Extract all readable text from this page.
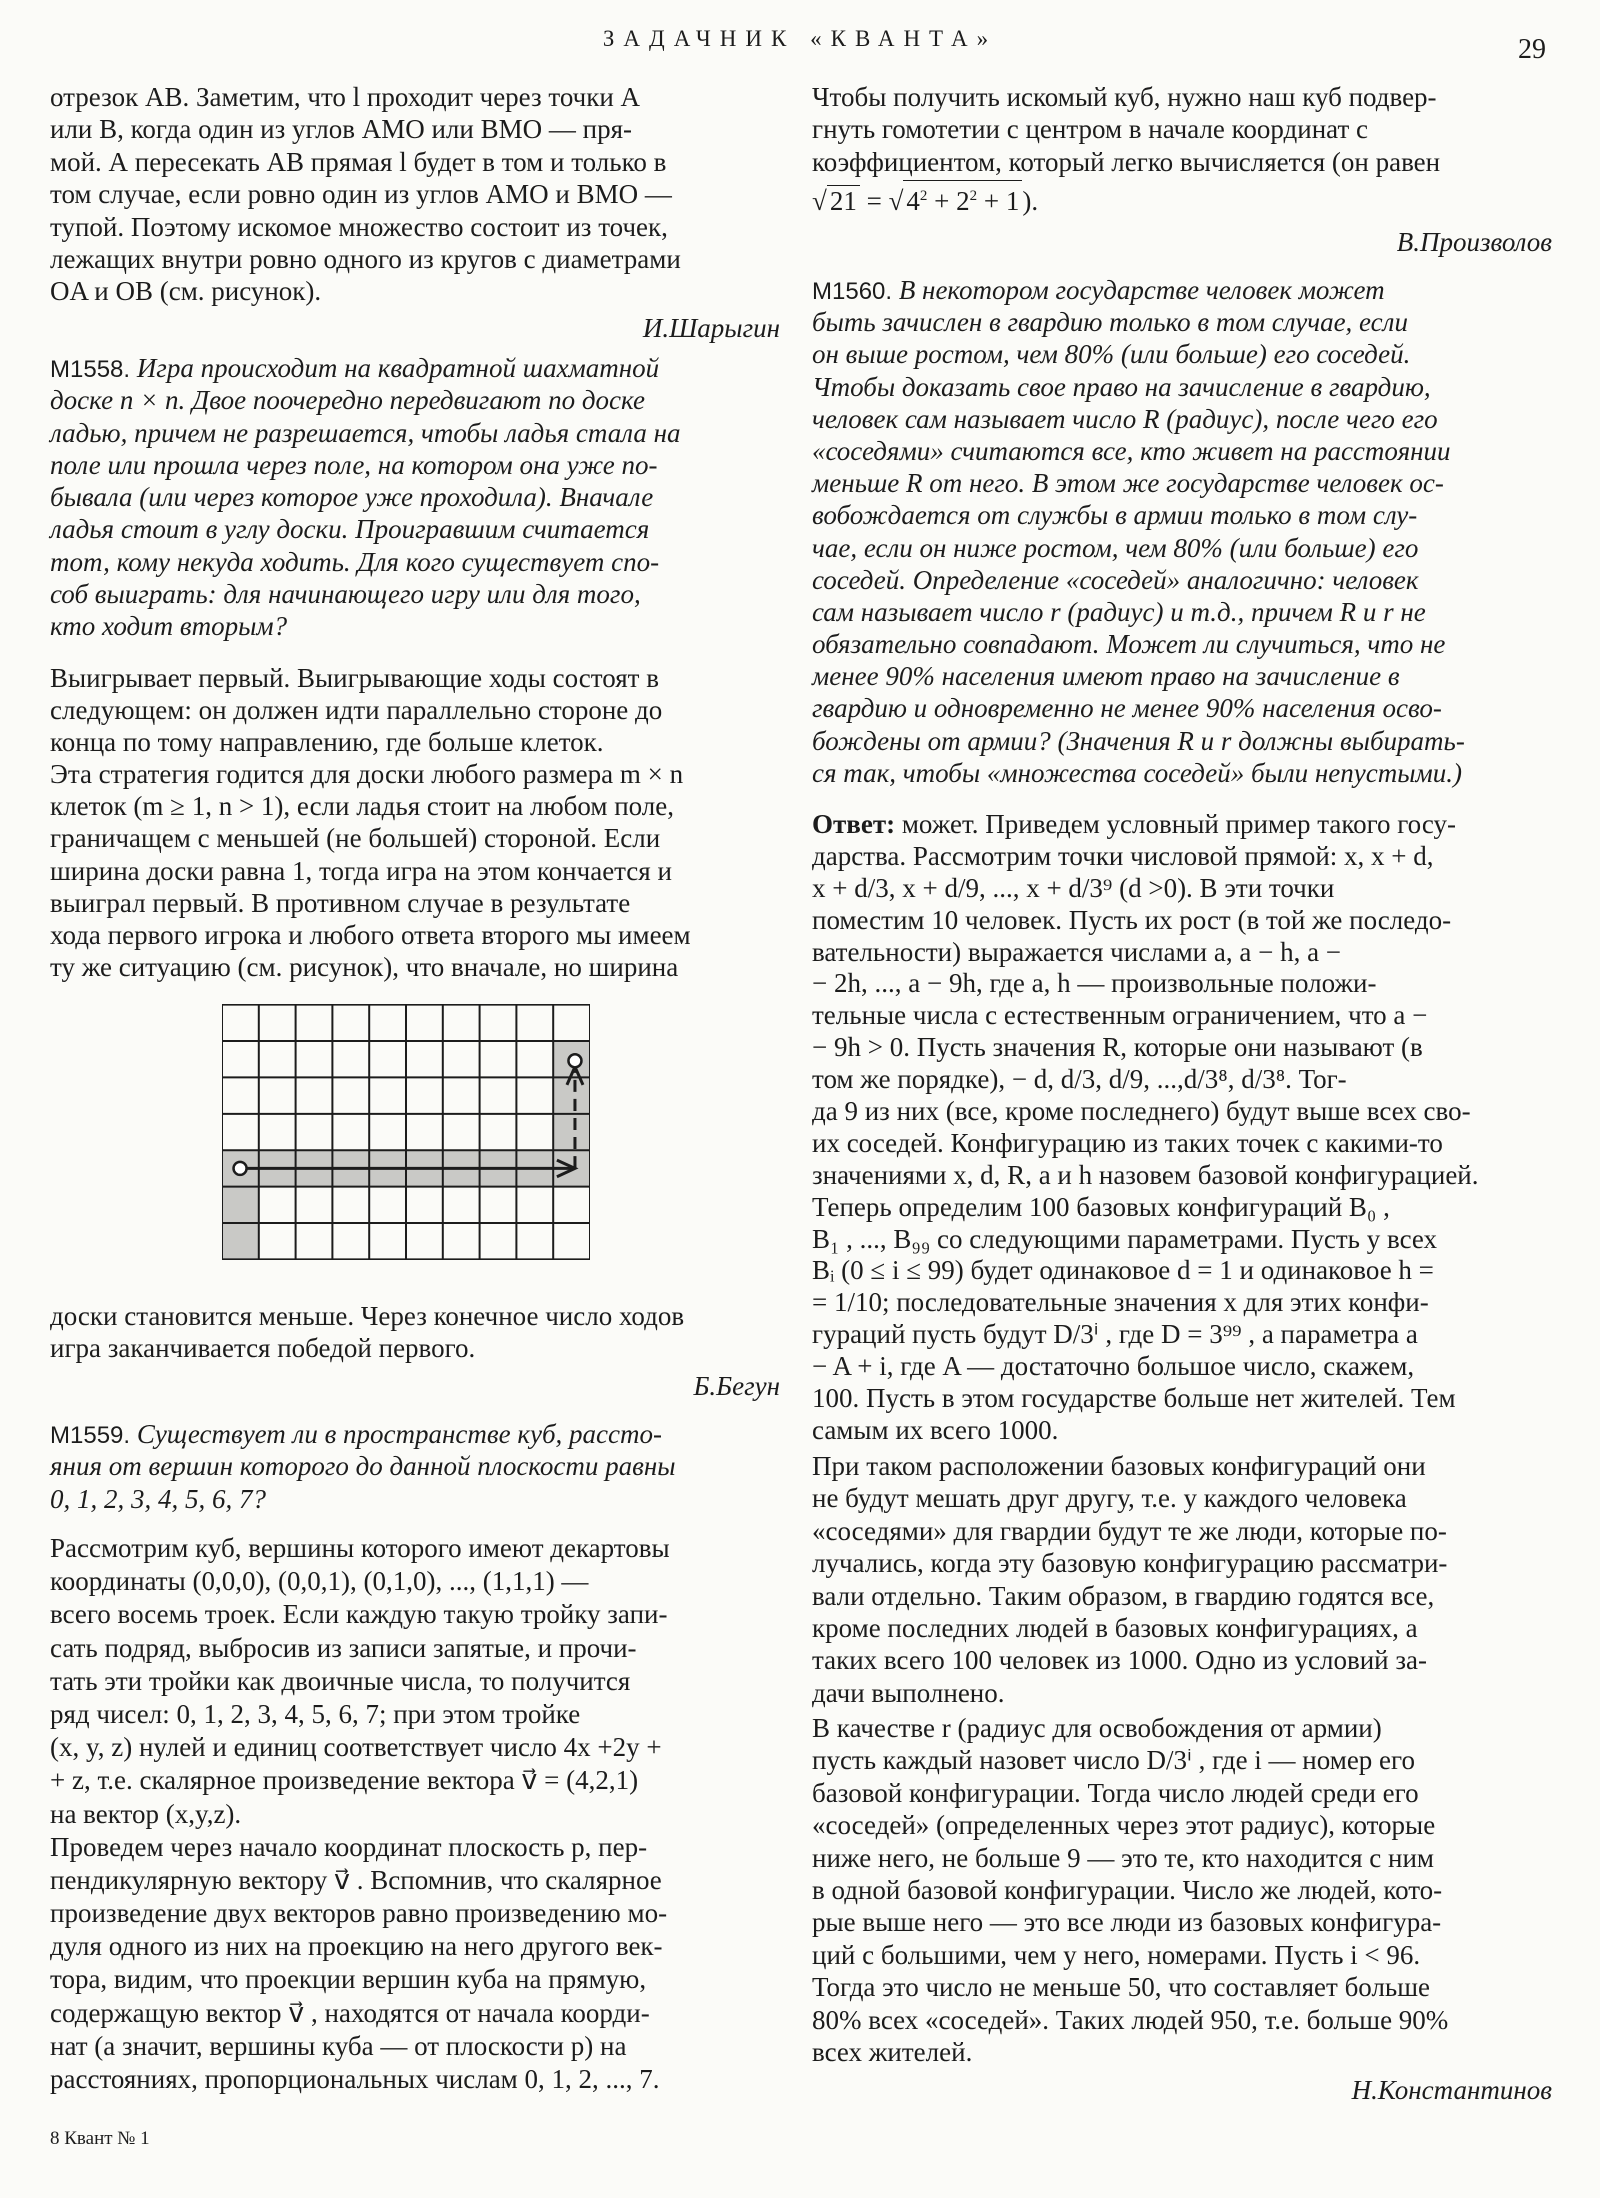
ЗАДАЧНИК «КВАНТА»	29
отрезок AB. Заметим, что l проходит через точки A
или B, когда один из углов AMO или BMO — пря-
мой. А пересекать AB прямая l будет в том и только в
том случае, если ровно один из углов AMO и BMO —
тупой. Поэтому искомое множество состоит из точек,
лежащих внутри ровно одного из кругов с диаметрами
OA и OB (см. рисунок).
И.Шарыгин
М1558. Игра происходит на квадратной шахматной
доске n × n. Двое поочередно передвигают по доске
ладью, причем не разрешается, чтобы ладья стала на
поле или прошла через поле, на котором она уже по-
бывала (или через которое уже проходила). Вначале
ладья стоит в углу доски. Проигравшим считается
тот, кому некуда ходить. Для кого существует спо-
соб выиграть: для начинающего игру или для того,
кто ходит вторым?
Выигрывает первый. Выигрывающие ходы состоят в
следующем: он должен идти параллельно стороне до
конца по тому направлению, где больше клеток.
Эта стратегия годится для доски любого размера m × n
клеток (m ≥ 1, n > 1), если ладья стоит на любом поле,
граничащем с меньшей (не большей) стороной. Если
ширина доски равна 1, тогда игра на этом кончается и
выиграл первый. В противном случае в результате
хода первого игрока и любого ответа второго мы имеем
ту же ситуацию (см. рисунок), что вначале, но ширина
доски становится меньше. Через конечное число ходов
игра заканчивается победой первого.
Б.Бегун
М1559. Существует ли в пространстве куб, рассто-
яния от вершин которого до данной плоскости равны
0, 1, 2, 3, 4, 5, 6, 7?
Рассмотрим куб, вершины которого имеют декартовы
координаты (0,0,0), (0,0,1), (0,1,0), ..., (1,1,1) —
всего восемь троек. Если каждую такую тройку запи-
сать подряд, выбросив из записи запятые, и прочи-
тать эти тройки как двоичные числа, то получится
ряд чисел: 0, 1, 2, 3, 4, 5, 6, 7; при этом тройке
(x, y, z) нулей и единиц соответствует число 4x +2y +
+ z, т.е. скалярное произведение вектора v⃗ = (4,2,1)
на вектор (x,y,z).
Проведем через начало координат плоскость p, пер-
пендикулярную вектору v⃗ . Вспомнив, что скалярное
произведение двух векторов равно произведению мо-
дуля одного из них на проекцию на него другого век-
тора, видим, что проекции вершин куба на прямую,
содержащую вектор v⃗ , находятся от начала коорди-
нат (а значит, вершины куба — от плоскости p) на
расстояниях, пропорциональных числам 0, 1, 2, ..., 7.
8 Квант № 1
Чтобы получить искомый куб, нужно наш куб подвер-
гнуть гомотетии с центром в начале координат с
коэффициентом, который легко вычисляется (он равен
√ 21 = √ $4^2 + 2^2 + 1$ ).
В.Произволов
М1560. В некотором государстве человек может
быть зачислен в гвардию только в том случае, если
он выше ростом, чем 80% (или больше) его соседей.
Чтобы доказать свое право на зачисление в гвардию,
человек сам называет число R (радиус), после чего его
«соседями» считаются все, кто живет на расстоянии
меньше R от него. В этом же государстве человек ос-
вобождается от службы в армии только в том слу-
чае, если он ниже ростом, чем 80% (или больше) его
соседей. Определение «соседей» аналогично: человек
сам называет число r (радиус) и т.д., причем R и r не
обязательно совпадают. Может ли случиться, что не
менее 90% населения имеют право на зачисление в
гвардию и одновременно не менее 90% населения осво-
бождены от армии? (Значения R и r должны выбирать-
ся так, чтобы «множества соседей» были непустыми.)
Ответ: может. Приведем условный пример такого госу-
дарства. Рассмотрим точки числовой прямой: x, x + d,
x + d/3, x + d/9, ..., x + d/3⁹ (d >0). В эти точки
поместим 10 человек. Пусть их рост (в той же последо-
вательности) выражается числами a, a − h, a −
− 2h, ..., a − 9h, где a, h — произвольные положи-
тельные числа с естественным ограничением, что a −
− 9h > 0. Пусть значения R, которые они называют (в
том же порядке), − d, d/3, d/9, ...,d/3⁸, d/3⁸. Тог-
да 9 из них (все, кроме последнего) будут выше всех сво-
их соседей. Конфигурацию из таких точек с какими-то
значениями x, d, R, a и h назовем базовой конфигурацией.
Теперь определим 100 базовых конфигураций B₀ ,
B₁ , ..., B₉₉ со следующими параметрами. Пусть у всех
Bᵢ (0 ≤ i ≤ 99) будет одинаковое d = 1 и одинаковое h =
= 1/10; последовательные значения x для этих конфи-
гураций пусть будут D/3ⁱ , где D = 3⁹⁹ , а параметра a
− A + i, где A — достаточно большое число, скажем,
100. Пусть в этом государстве больше нет жителей. Тем
самым их всего 1000.
При таком расположении базовых конфигураций они
не будут мешать друг другу, т.е. у каждого человека
«соседями» для гвардии будут те же люди, которые по-
лучались, когда эту базовую конфигурацию рассматри-
вали отдельно. Таким образом, в гвардию годятся все,
кроме последних людей в базовых конфигурациях, а
таких всего 100 человек из 1000. Одно из условий за-
дачи выполнено.
В качестве r (радиус для освобождения от армии)
пусть каждый назовет число D/3ⁱ , где i — номер его
базовой конфигурации. Тогда число людей среди его
«соседей» (определенных через этот радиус), которые
ниже него, не больше 9 — это те, кто находится с ним
в одной базовой конфигурации. Число же людей, кото-
рые выше него — это все люди из базовых конфигура-
ций с большими, чем у него, номерами. Пусть i < 96.
Тогда это число не меньше 50, что составляет больше
80% всех «соседей». Таких людей 950, т.е. больше 90%
всех жителей.
Н.Константинов
